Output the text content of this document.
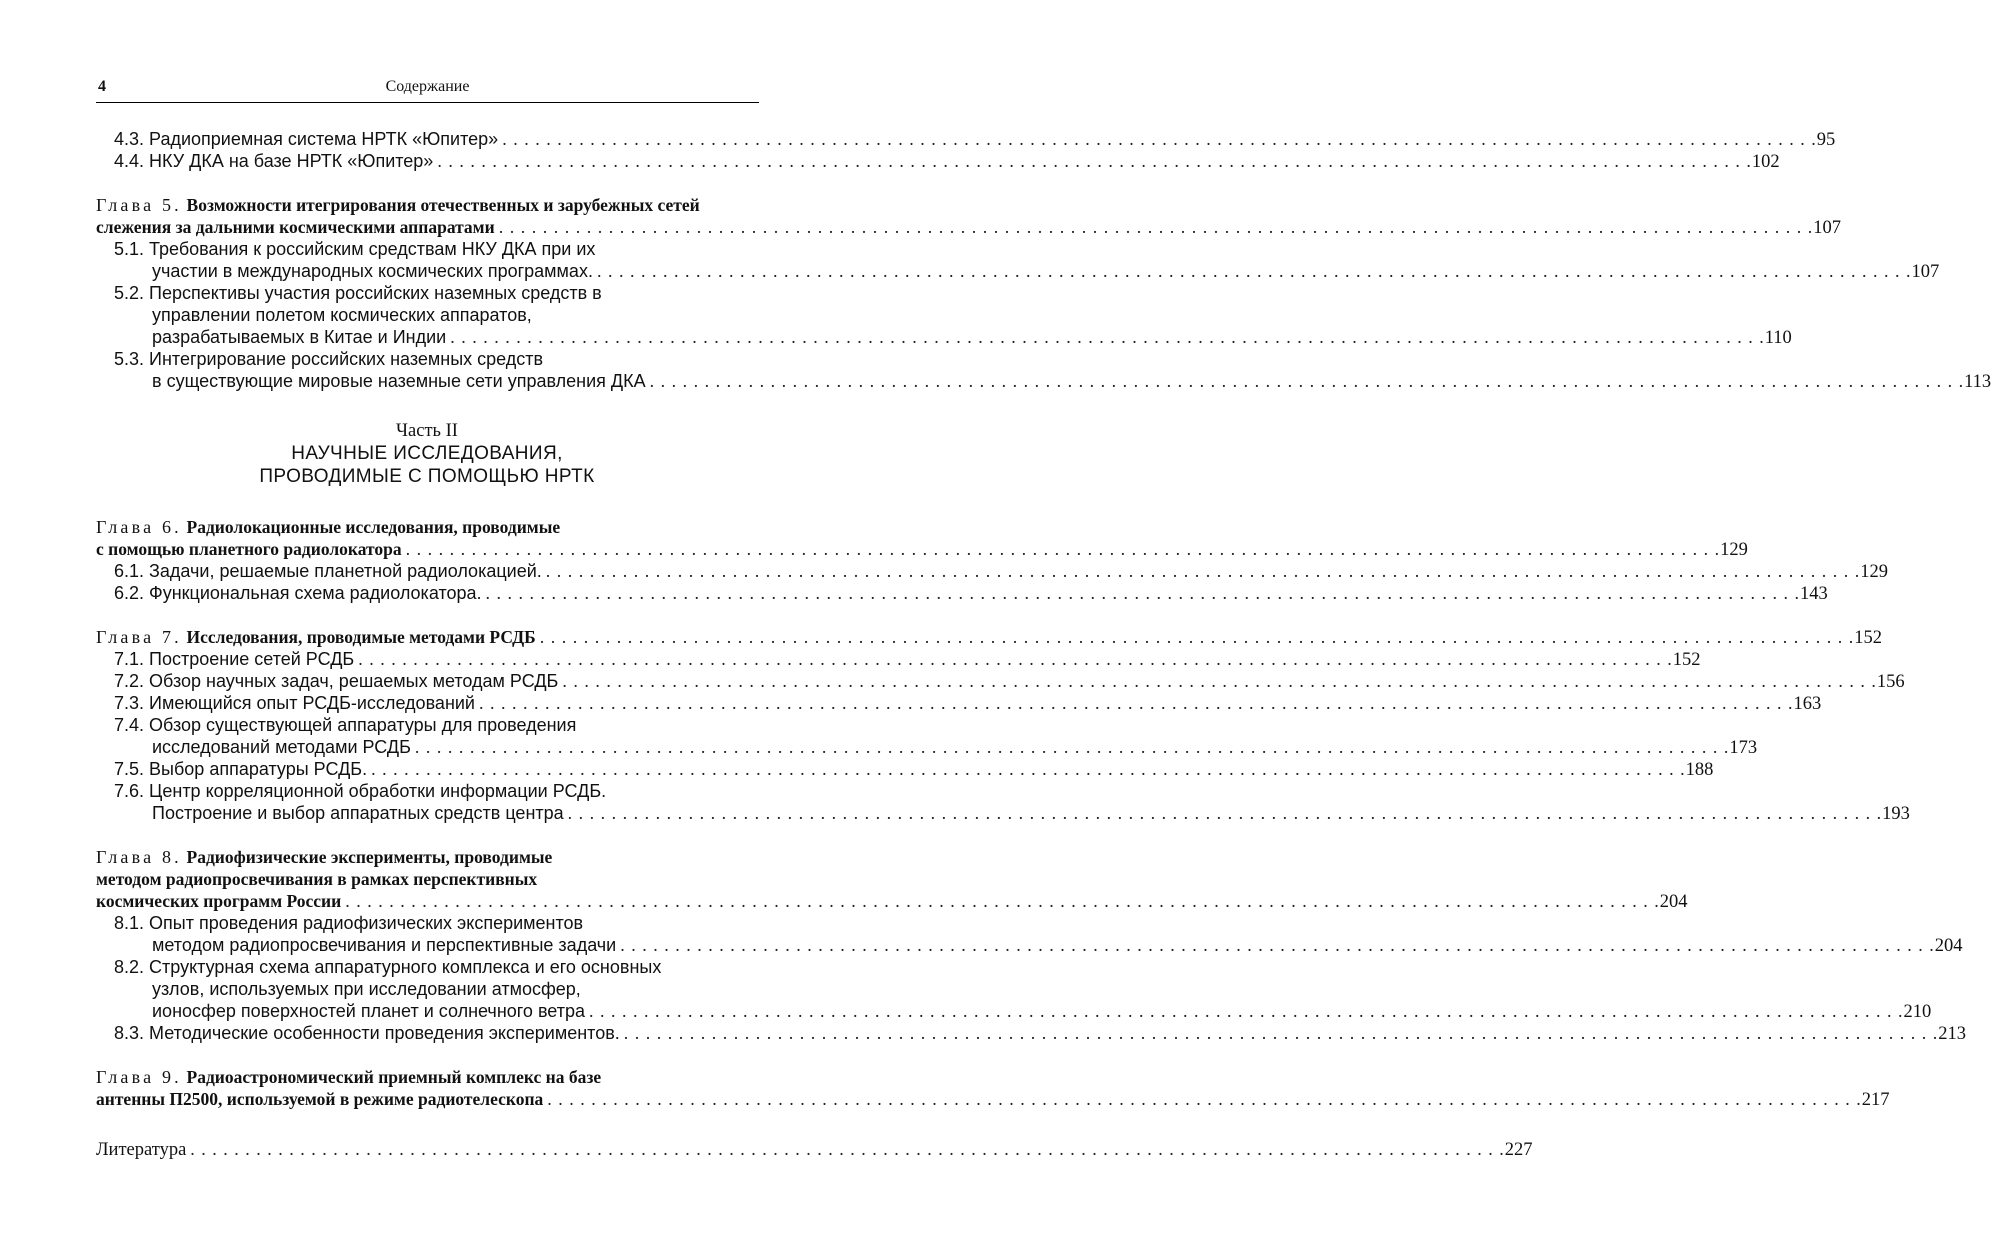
4	Содержание
4.3. Радиоприемная система НРТК «Юпитер» . . . . . . . . . . . . . . . . . . . . . . . . . . . . . . . . . . . . . . . . . . . . . . . . . . . . . . . . . . . . . . . . . . . . . . . . . . . . . . . . . . . . . . . . . . . . . . . . . . . . . . . . . . . . . . . . . . . . . . . . 95
4.4. НКУ ДКА на базе НРТК «Юпитер» . . . . . . . . . . . . . . . . . . . . . . . . . . . . . . . . . . . . . . . . . . . . . . . . . . . . . . . . . . . . . . . . . . . . . . . . . . . . . . . . . . . . . . . . . . . . . . . . . . . . . . . . . . . . . . . . . . . . . . . . 102
Глава 5. Возможности итегрирования отечественных и зарубежных сетей
слежения за дальними космическими аппаратами . . . . . . . . . . . . . . . . . . . . . . . . . . . . . . . . . . . . . . . . . . . . . . . . . . . . . . . . . . . . . . . . . . . . . . . . . . . . . . . . . . . . . . . . . . . . . . . . . . . . . . . . . . . . . . . . . . . . . . . . 107
5.1. Требования к российским средствам НКУ ДКА при их
участии в международных космических программах. . . . . . . . . . . . . . . . . . . . . . . . . . . . . . . . . . . . . . . . . . . . . . . . . . . . . . . . . . . . . . . . . . . . . . . . . . . . . . . . . . . . . . . . . . . . . . . . . . . . . . . . . . . . . . . . . . . . . . . . . 107
5.2. Перспективы участия российских наземных средств в
управлении полетом космических аппаратов,
разрабатываемых в Китае и Индии . . . . . . . . . . . . . . . . . . . . . . . . . . . . . . . . . . . . . . . . . . . . . . . . . . . . . . . . . . . . . . . . . . . . . . . . . . . . . . . . . . . . . . . . . . . . . . . . . . . . . . . . . . . . . . . . . . . . . . . . 110
5.3. Интегрирование российских наземных средств
в существующие мировые наземные сети управления ДКА . . . . . . . . . . . . . . . . . . . . . . . . . . . . . . . . . . . . . . . . . . . . . . . . . . . . . . . . . . . . . . . . . . . . . . . . . . . . . . . . . . . . . . . . . . . . . . . . . . . . . . . . . . . . . . . . . . . . . . . . 113
Часть II
НАУЧНЫЕ ИССЛЕДОВАНИЯ,
ПРОВОДИМЫЕ С ПОМОЩЬЮ НРТК
Глава 6. Радиолокационные исследования, проводимые
с помощью планетного радиолокатора . . . . . . . . . . . . . . . . . . . . . . . . . . . . . . . . . . . . . . . . . . . . . . . . . . . . . . . . . . . . . . . . . . . . . . . . . . . . . . . . . . . . . . . . . . . . . . . . . . . . . . . . . . . . . . . . . . . . . . . . 129
6.1. Задачи, решаемые планетной радиолокацией. . . . . . . . . . . . . . . . . . . . . . . . . . . . . . . . . . . . . . . . . . . . . . . . . . . . . . . . . . . . . . . . . . . . . . . . . . . . . . . . . . . . . . . . . . . . . . . . . . . . . . . . . . . . . . . . . . . . . . . . . 129
6.2. Функциональная схема радиолокатора. . . . . . . . . . . . . . . . . . . . . . . . . . . . . . . . . . . . . . . . . . . . . . . . . . . . . . . . . . . . . . . . . . . . . . . . . . . . . . . . . . . . . . . . . . . . . . . . . . . . . . . . . . . . . . . . . . . . . . . . . 143
Глава 7. Исследования, проводимые методами РСДБ . . . . . . . . . . . . . . . . . . . . . . . . . . . . . . . . . . . . . . . . . . . . . . . . . . . . . . . . . . . . . . . . . . . . . . . . . . . . . . . . . . . . . . . . . . . . . . . . . . . . . . . . . . . . . . . . . . . . . . . . 152
7.1. Построение сетей РСДБ . . . . . . . . . . . . . . . . . . . . . . . . . . . . . . . . . . . . . . . . . . . . . . . . . . . . . . . . . . . . . . . . . . . . . . . . . . . . . . . . . . . . . . . . . . . . . . . . . . . . . . . . . . . . . . . . . . . . . . . . 152
7.2. Обзор научных задач, решаемых методам РСДБ . . . . . . . . . . . . . . . . . . . . . . . . . . . . . . . . . . . . . . . . . . . . . . . . . . . . . . . . . . . . . . . . . . . . . . . . . . . . . . . . . . . . . . . . . . . . . . . . . . . . . . . . . . . . . . . . . . . . . . . . 156
7.3. Имеющийся опыт РСДБ-исследований . . . . . . . . . . . . . . . . . . . . . . . . . . . . . . . . . . . . . . . . . . . . . . . . . . . . . . . . . . . . . . . . . . . . . . . . . . . . . . . . . . . . . . . . . . . . . . . . . . . . . . . . . . . . . . . . . . . . . . . . 163
7.4. Обзор существующей аппаратуры для проведения
исследований методами РСДБ . . . . . . . . . . . . . . . . . . . . . . . . . . . . . . . . . . . . . . . . . . . . . . . . . . . . . . . . . . . . . . . . . . . . . . . . . . . . . . . . . . . . . . . . . . . . . . . . . . . . . . . . . . . . . . . . . . . . . . . . 173
7.5. Выбор аппаратуры РСДБ. . . . . . . . . . . . . . . . . . . . . . . . . . . . . . . . . . . . . . . . . . . . . . . . . . . . . . . . . . . . . . . . . . . . . . . . . . . . . . . . . . . . . . . . . . . . . . . . . . . . . . . . . . . . . . . . . . . . . . . . . 188
7.6. Центр корреляционной обработки информации РСДБ.
Построение и выбор аппаратных средств центра . . . . . . . . . . . . . . . . . . . . . . . . . . . . . . . . . . . . . . . . . . . . . . . . . . . . . . . . . . . . . . . . . . . . . . . . . . . . . . . . . . . . . . . . . . . . . . . . . . . . . . . . . . . . . . . . . . . . . . . . 193
Глава 8. Радиофизические эксперименты, проводимые
методом радиопросвечивания в рамках перспективных
космических программ России . . . . . . . . . . . . . . . . . . . . . . . . . . . . . . . . . . . . . . . . . . . . . . . . . . . . . . . . . . . . . . . . . . . . . . . . . . . . . . . . . . . . . . . . . . . . . . . . . . . . . . . . . . . . . . . . . . . . . . . . 204
8.1. Опыт проведения радиофизических экспериментов
методом радиопросвечивания и перспективные задачи . . . . . . . . . . . . . . . . . . . . . . . . . . . . . . . . . . . . . . . . . . . . . . . . . . . . . . . . . . . . . . . . . . . . . . . . . . . . . . . . . . . . . . . . . . . . . . . . . . . . . . . . . . . . . . . . . . . . . . . . 204
8.2. Структурная схема аппаратурного комплекса и его основных
узлов, используемых при исследовании атмосфер,
ионосфер поверхностей планет и солнечного ветра . . . . . . . . . . . . . . . . . . . . . . . . . . . . . . . . . . . . . . . . . . . . . . . . . . . . . . . . . . . . . . . . . . . . . . . . . . . . . . . . . . . . . . . . . . . . . . . . . . . . . . . . . . . . . . . . . . . . . . . . 210
8.3. Методические особенности проведения экспериментов. . . . . . . . . . . . . . . . . . . . . . . . . . . . . . . . . . . . . . . . . . . . . . . . . . . . . . . . . . . . . . . . . . . . . . . . . . . . . . . . . . . . . . . . . . . . . . . . . . . . . . . . . . . . . . . . . . . . . . . . . 213
Глава 9. Радиоастрономический приемный комплекс на базе
антенны П2500, используемой в режиме радиотелескопа . . . . . . . . . . . . . . . . . . . . . . . . . . . . . . . . . . . . . . . . . . . . . . . . . . . . . . . . . . . . . . . . . . . . . . . . . . . . . . . . . . . . . . . . . . . . . . . . . . . . . . . . . . . . . . . . . . . . . . . . 217
Литература . . . . . . . . . . . . . . . . . . . . . . . . . . . . . . . . . . . . . . . . . . . . . . . . . . . . . . . . . . . . . . . . . . . . . . . . . . . . . . . . . . . . . . . . . . . . . . . . . . . . . . . . . . . . . . . . . . . . . . . . 227
